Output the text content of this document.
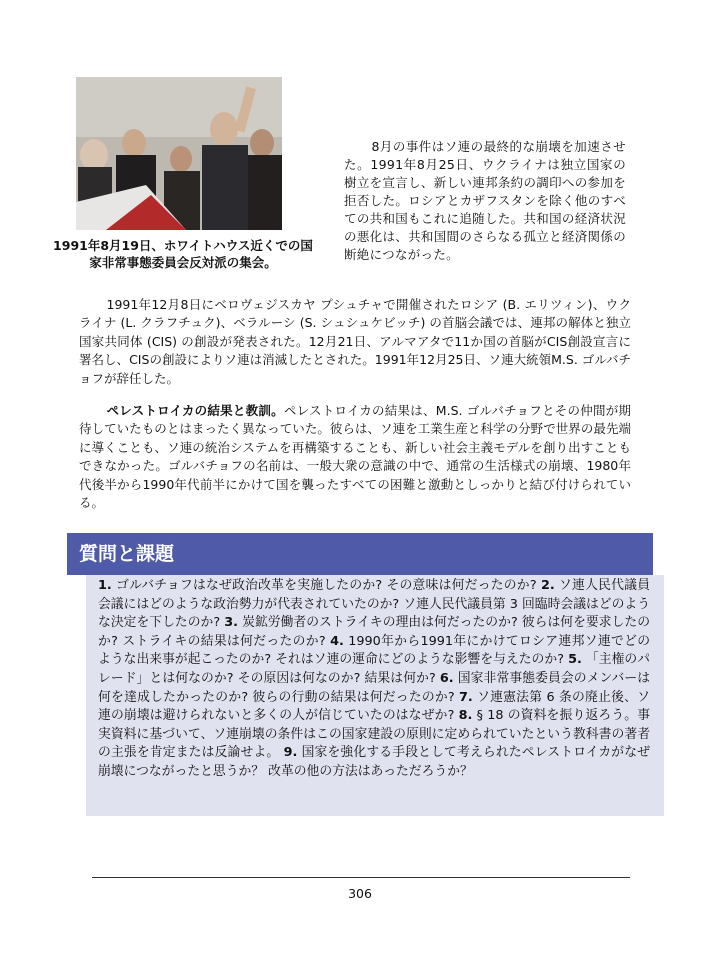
1991年8月19日、ホワイトハウス近くでの国家非常事態委員会反対派の集会。

8月の事件はソ連の最終的な崩壊を加速させた。1991年8月25日、ウクライナは独立国家の樹立を宣言し、新しい連邦条約の調印への参加を拒否した。ロシアとカザフスタンを除く他のすべての共和国もこれに追随した。共和国の経済状況の悪化は、共和国間のさらなる孤立と経済関係の断絶につながった。

1991年12月8日にベロヴェジスカヤ プシュチャで開催されたロシア (B. エリツィン)、ウクライナ (L. クラフチュク)、ベラルーシ (S. シュシュケビッチ) の首脳会議では、連邦の解体と独立国家共同体 (CIS) の創設が発表された。12月21日、アルマアタで11か国の首脳がCIS創設宣言に署名し、CISの創設によりソ連は消滅したとされた。1991年12月25日、ソ連大統領M.S. ゴルバチョフが辞任した。

ペレストロイカの結果と教訓。ペレストロイカの結果は、M.S. ゴルバチョフとその仲間が期待していたものとはまったく異なっていた。彼らは、ソ連を工業生産と科学の分野で世界の最先端に導くことも、ソ連の統治システムを再構築することも、新しい社会主義モデルを創り出すこともできなかった。ゴルバチョフの名前は、一般大衆の意識の中で、通常の生活様式の崩壊、1980年代後半から1990年代前半にかけて国を襲ったすべての困難と激動としっかりと結び付けられている。

質問と課題

1. ゴルバチョフはなぜ政治改革を実施したのか? その意味は何だったのか? 2. ソ連人民代議員会議にはどのような政治勢力が代表されていたのか? ソ連人民代議員第 3 回臨時会議はどのような決定を下したのか? 3. 炭鉱労働者のストライキの理由は何だったのか? 彼らは何を要求したのか? ストライキの結果は何だったのか? 4. 1990年から1991年にかけてロシア連邦ソ連でどのような出来事が起こったのか? それはソ連の運命にどのような影響を与えたのか? 5. 「主権のパレード」とは何なのか? その原因は何なのか? 結果は何か? 6. 国家非常事態委員会のメンバーは何を達成したかったのか? 彼らの行動の結果は何だったのか? 7. ソ連憲法第 6 条の廃止後、ソ連の崩壊は避けられないと多くの人が信じていたのはなぜか? 8. § 18 の資料を振り返ろう。事実資料に基づいて、ソ連崩壊の条件はこの国家建設の原則に定められていたという教科書の著者の主張を肯定または反論せよ。 9. 国家を強化する手段として考えられたペレストロイカがなぜ崩壊につながったと思うか？ 改革の他の方法はあっただろうか？

306
